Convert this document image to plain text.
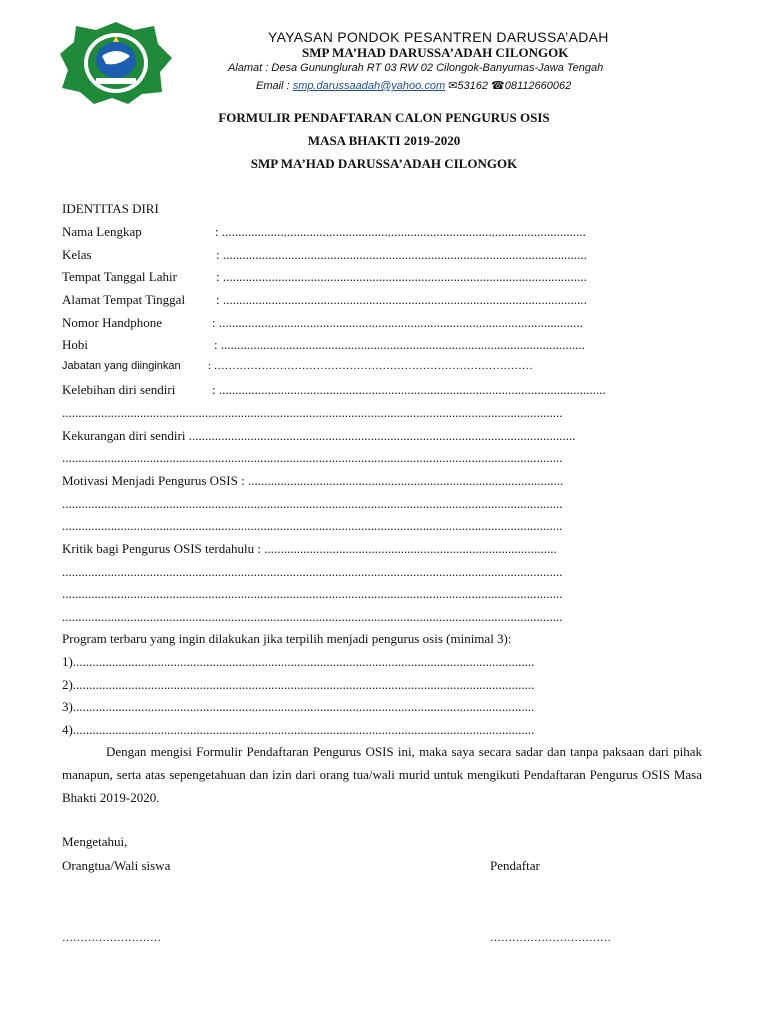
YAYASAN PONDOK PESANTREN DARUSSA’ADAH
SMP MA’HAD DARUSSA’ADAH CILONGOK
Alamat : Desa Gununglurah RT 03 RW 02 Cilongok-Banyumas-Jawa Tengah
Email : smp.darussaadah@yahoo.com ✉53162 ☎08112660062
FORMULIR PENDAFTARAN CALON PENGURUS OSIS
MASA BHAKTI 2019-2020
SMP MA’HAD DARUSSA’ADAH CILONGOK
IDENTITAS DIRI
Nama Lengkap	: ................................................................................................................
Kelas	: ................................................................................................................
Tempat Tanggal Lahir	: ................................................................................................................
Alamat Tempat Tinggal : ................................................................................................................
Nomor Handphone	: ................................................................................................................
Hobi	: ................................................................................................................
Jabatan yang diinginkan : ……………………………………………………………………………
Kelebihan diri sendiri	: .......................................................................................................................
..........................................................................................................................................................
Kekurangan diri sendiri .......................................................................................................................
..........................................................................................................................................................
Motivasi Menjadi Pengurus OSIS : .................................................................................................
..........................................................................................................................................................
..........................................................................................................................................................
Kritik bagi Pengurus OSIS terdahulu : ..........................................................................................
..........................................................................................................................................................
..........................................................................................................................................................
..........................................................................................................................................................
Program terbaru yang ingin dilakukan jika terpilih menjadi pengurus osis (minimal 3):
1)..............................................................................................................................................
2)..............................................................................................................................................
3)..............................................................................................................................................
4)..............................................................................................................................................
Dengan mengisi Formulir Pendaftaran Pengurus OSIS ini, maka saya secara sadar dan tanpa paksaan dari pihak manapun, serta atas sepengetahuan dan izin dari orang tua/wali murid untuk mengikuti Pendaftaran Pengurus OSIS Masa Bhakti 2019-2020.
Mengetahui,
Orangtua/Wali siswa	Pendaftar
………………………	……………………………
